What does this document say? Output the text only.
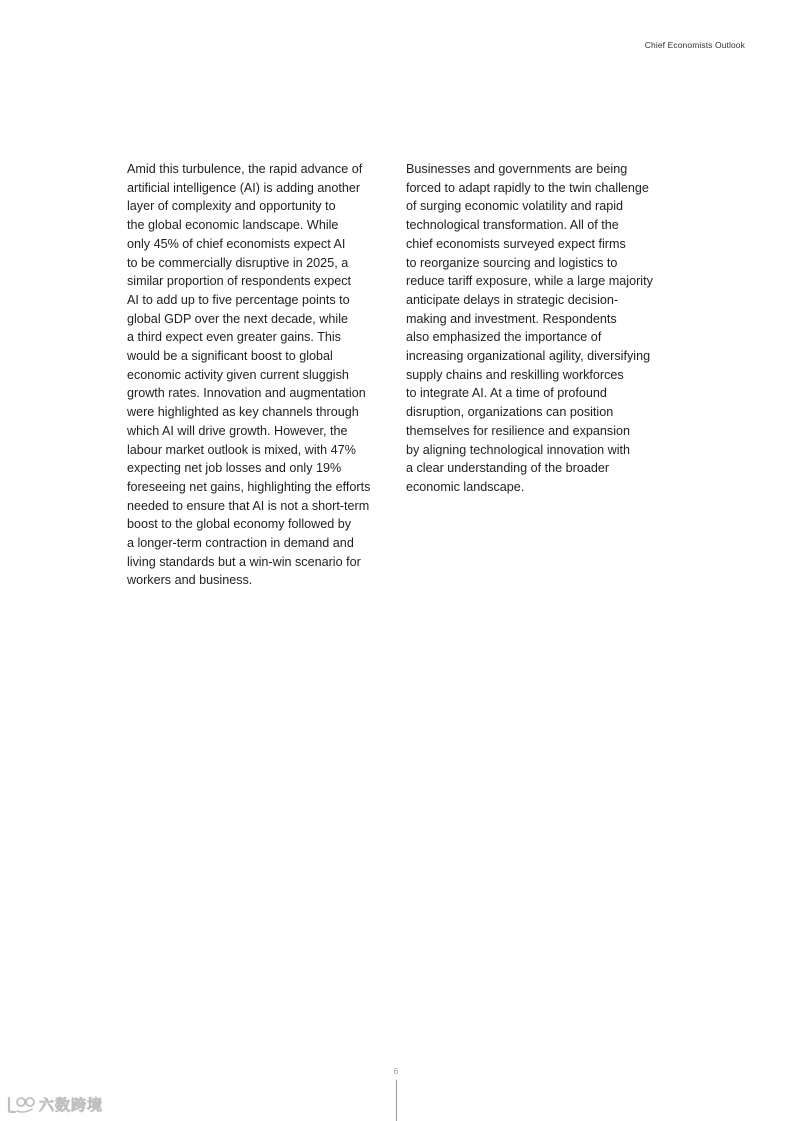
Chief Economists Outlook
Amid this turbulence, the rapid advance of
artificial intelligence (AI) is adding another
layer of complexity and opportunity to
the global economic landscape. While
only 45% of chief economists expect AI
to be commercially disruptive in 2025, a
similar proportion of respondents expect
AI to add up to five percentage points to
global GDP over the next decade, while
a third expect even greater gains. This
would be a significant boost to global
economic activity given current sluggish
growth rates. Innovation and augmentation
were highlighted as key channels through
which AI will drive growth. However, the
labour market outlook is mixed, with 47%
expecting net job losses and only 19%
foreseeing net gains, highlighting the efforts
needed to ensure that AI is not a short-term
boost to the global economy followed by
a longer-term contraction in demand and
living standards but a win-win scenario for
workers and business.
Businesses and governments are being
forced to adapt rapidly to the twin challenge
of surging economic volatility and rapid
technological transformation. All of the
chief economists surveyed expect firms
to reorganize sourcing and logistics to
reduce tariff exposure, while a large majority
anticipate delays in strategic decision-
making and investment. Respondents
also emphasized the importance of
increasing organizational agility, diversifying
supply chains and reskilling workforces
to integrate AI. At a time of profound
disruption, organizations can position
themselves for resilience and expansion
by aligning technological innovation with
a clear understanding of the broader
economic landscape.
6
六数跨境
